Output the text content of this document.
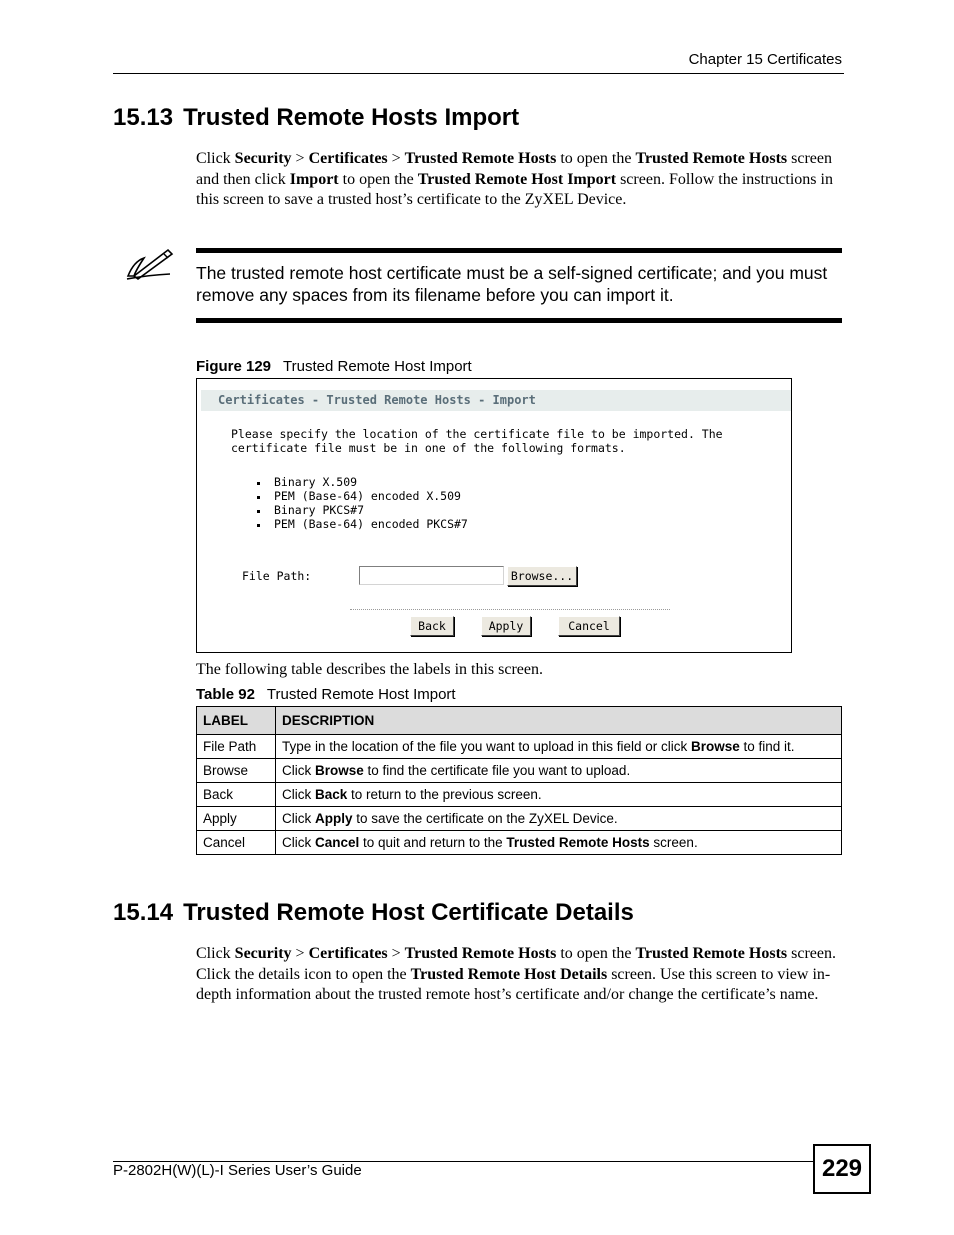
Chapter 15 Certificates
15.13 Trusted Remote Hosts Import
Click Security > Certificates > Trusted Remote Hosts to open the Trusted Remote Hosts screen and then click Import to open the Trusted Remote Host Import screen. Follow the instructions in this screen to save a trusted host’s certificate to the ZyXEL Device.
The trusted remote host certificate must be a self-signed certificate; and you must remove any spaces from its filename before you can import it.
Figure 129 Trusted Remote Host Import
Certificates - Trusted Remote Hosts - Import
Please specify the location of the certificate file to be imported. The certificate file must be in one of the following formats.
Binary X.509
PEM (Base-64) encoded X.509
Binary PKCS#7
PEM (Base-64) encoded PKCS#7
File Path:	Browse...
Back	Apply	Cancel
The following table describes the labels in this screen.
Table 92 Trusted Remote Host Import
LABEL	DESCRIPTION
File Path	Type in the location of the file you want to upload in this field or click Browse to find it.
Browse	Click Browse to find the certificate file you want to upload.
Back	Click Back to return to the previous screen.
Apply	Click Apply to save the certificate on the ZyXEL Device.
Cancel	Click Cancel to quit and return to the Trusted Remote Hosts screen.
15.14 Trusted Remote Host Certificate Details
Click Security > Certificates > Trusted Remote Hosts to open the Trusted Remote Hosts screen. Click the details icon to open the Trusted Remote Host Details screen. Use this screen to view in-depth information about the trusted remote host’s certificate and/or change the certificate’s name.
P-2802H(W)(L)-I Series User’s Guide	229
